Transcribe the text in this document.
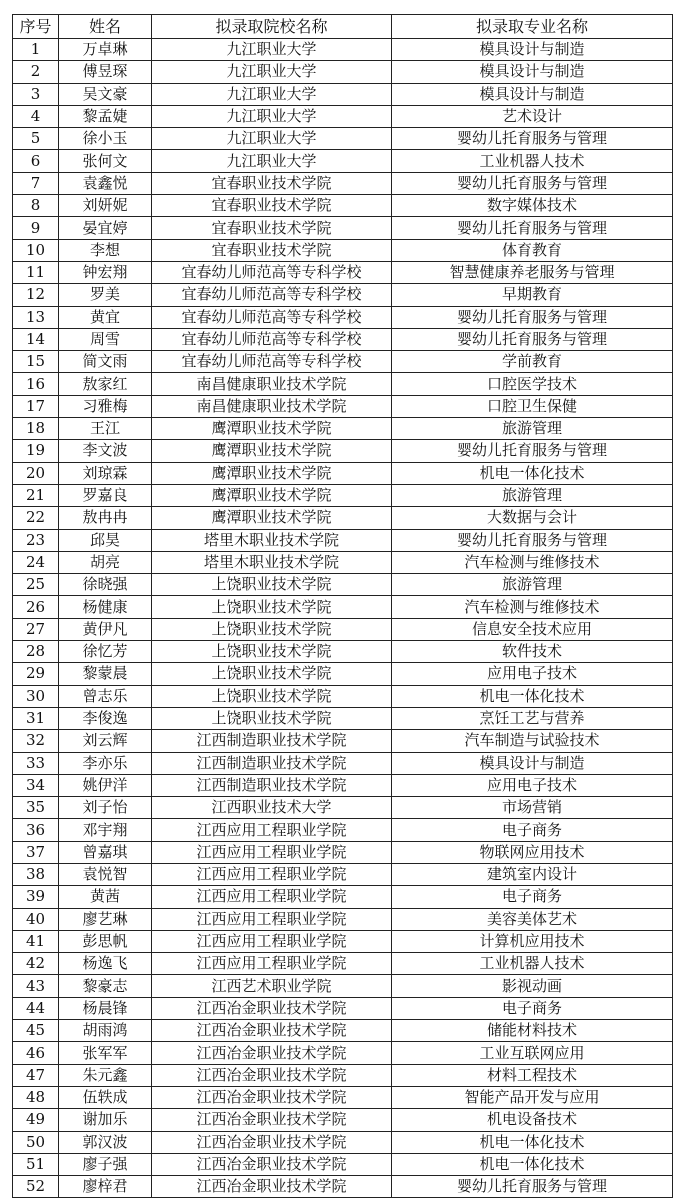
序号	姓名	拟录取院校名称	拟录取专业名称
1	万卓琳	九江职业大学	模具设计与制造
2	傅昱琛	九江职业大学	模具设计与制造
3	吴文豪	九江职业大学	模具设计与制造
4	黎孟婕	九江职业大学	艺术设计
5	徐小玉	九江职业大学	婴幼儿托育服务与管理
6	张何文	九江职业大学	工业机器人技术
7	袁鑫悦	宜春职业技术学院	婴幼儿托育服务与管理
8	刘妍妮	宜春职业技术学院	数字媒体技术
9	晏宜婷	宜春职业技术学院	婴幼儿托育服务与管理
10	李想	宜春职业技术学院	体育教育
11	钟宏翔	宜春幼儿师范高等专科学校	智慧健康养老服务与管理
12	罗美	宜春幼儿师范高等专科学校	早期教育
13	黄宜	宜春幼儿师范高等专科学校	婴幼儿托育服务与管理
14	周雪	宜春幼儿师范高等专科学校	婴幼儿托育服务与管理
15	简文雨	宜春幼儿师范高等专科学校	学前教育
16	敖家红	南昌健康职业技术学院	口腔医学技术
17	习雅梅	南昌健康职业技术学院	口腔卫生保健
18	王江	鹰潭职业技术学院	旅游管理
19	李文波	鹰潭职业技术学院	婴幼儿托育服务与管理
20	刘琼霖	鹰潭职业技术学院	机电一体化技术
21	罗嘉良	鹰潭职业技术学院	旅游管理
22	敖冉冉	鹰潭职业技术学院	大数据与会计
23	邱昊	塔里木职业技术学院	婴幼儿托育服务与管理
24	胡亮	塔里木职业技术学院	汽车检测与维修技术
25	徐晓强	上饶职业技术学院	旅游管理
26	杨健康	上饶职业技术学院	汽车检测与维修技术
27	黄伊凡	上饶职业技术学院	信息安全技术应用
28	徐忆芳	上饶职业技术学院	软件技术
29	黎蒙晨	上饶职业技术学院	应用电子技术
30	曾志乐	上饶职业技术学院	机电一体化技术
31	李俊逸	上饶职业技术学院	烹饪工艺与营养
32	刘云辉	江西制造职业技术学院	汽车制造与试验技术
33	李亦乐	江西制造职业技术学院	模具设计与制造
34	姚伊洋	江西制造职业技术学院	应用电子技术
35	刘子怡	江西职业技术大学	市场营销
36	邓宇翔	江西应用工程职业学院	电子商务
37	曾嘉琪	江西应用工程职业学院	物联网应用技术
38	袁悦智	江西应用工程职业学院	建筑室内设计
39	黄茜	江西应用工程职业学院	电子商务
40	廖艺琳	江西应用工程职业学院	美容美体艺术
41	彭思帆	江西应用工程职业学院	计算机应用技术
42	杨逸飞	江西应用工程职业学院	工业机器人技术
43	黎豪志	江西艺术职业学院	影视动画
44	杨晨锋	江西冶金职业技术学院	电子商务
45	胡雨鸿	江西冶金职业技术学院	储能材料技术
46	张军军	江西冶金职业技术学院	工业互联网应用
47	朱元鑫	江西冶金职业技术学院	材料工程技术
48	伍轶成	江西冶金职业技术学院	智能产品开发与应用
49	谢加乐	江西冶金职业技术学院	机电设备技术
50	郭汉波	江西冶金职业技术学院	机电一体化技术
51	廖子强	江西冶金职业技术学院	机电一体化技术
52	廖梓君	江西冶金职业技术学院	婴幼儿托育服务与管理
